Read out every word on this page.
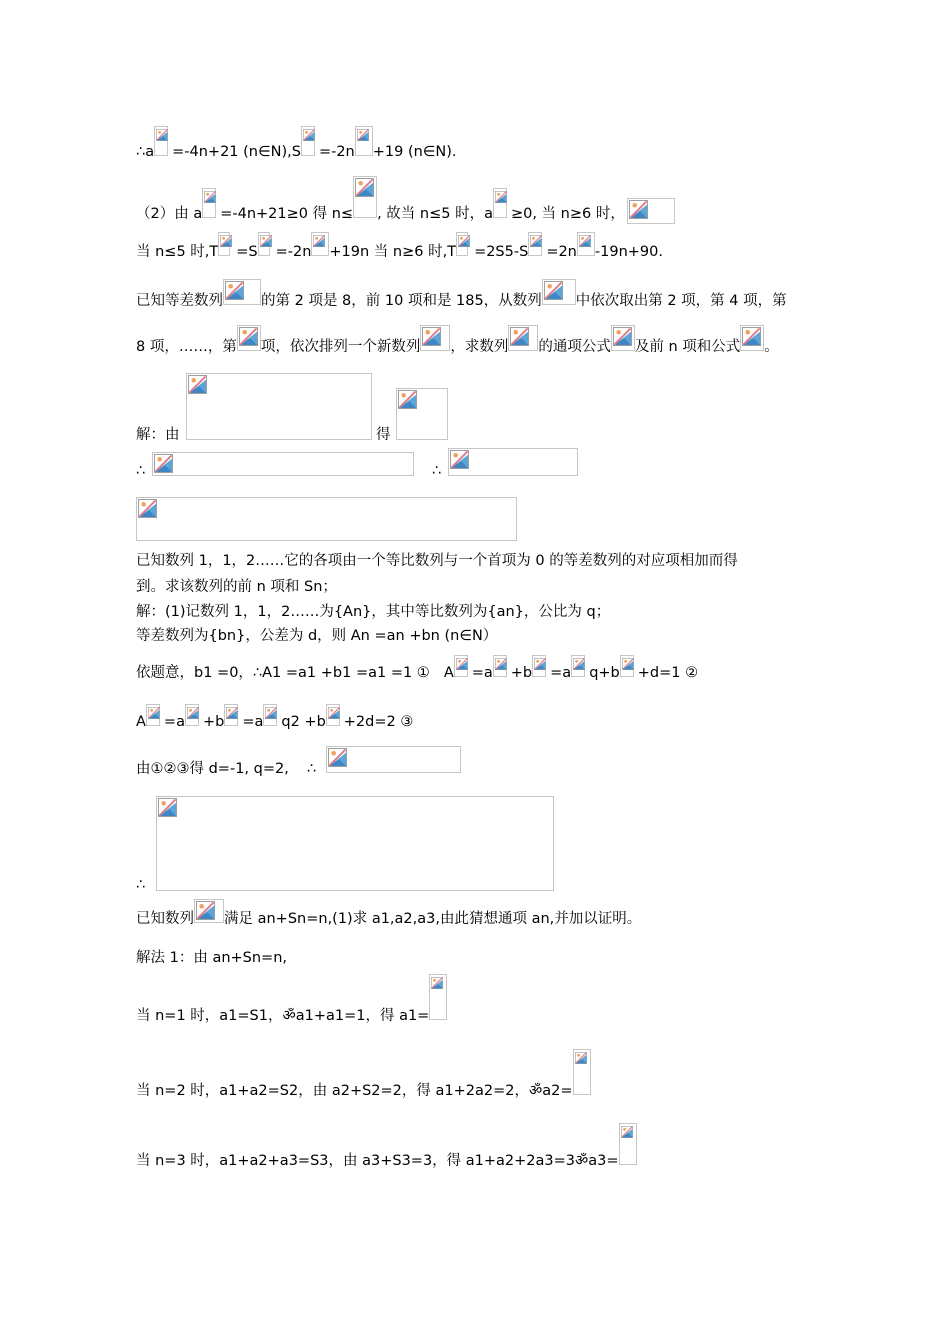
∴a =-4n+21 (n∈N),S =-2n +19 (n∈N).
（2）由 a =-4n+21≥0 得 n≤ , 故当 n≤5 时，a ≥0, 当 n≥6 时，
当 n≤5 时,T =S =-2n +19n 当 n≥6 时,T =2S5-S =2n -19n+90.
已知等差数列	的第 2 项是 8，前 10 项和是 185，从数列 中依次取出第 2 项，第 4 项，第
8 项，……，第 项，依次排列一个新数列 ，求数列 的通项公式 及前 n 项和公式 。
解：由	得
∴	∴
已知数列 1，1，2……它的各项由一个等比数列与一个首项为 0 的等差数列的对应项相加而得
到。求该数列的前 n 项和 Sn；
解：(1)记数列 1，1，2……为{An}，其中等比数列为{an}，公比为 q；
等差数列为{bn}，公差为 d，则 An =an +bn (n∈N）
依题意，b1 =0，∴A1 =a1 +b1 =a1 =1 ① A =a +b =a q+b +d=1 ②
A =a +b =a q2 +b +2d=2 ③
由①②③得 d=-1, q=2, ∴
∴
已知数列 满足 an+Sn=n,(1)求 a1,a2,a3,由此猜想通项 an,并加以证明。
解法 1：由 an+Sn=n,
当 n=1 时，a1=S1，ॐa1+a1=1，得 a1=
当 n=2 时，a1+a2=S2，由 a2+S2=2，得 a1+2a2=2，ॐa2=
当 n=3 时，a1+a2+a3=S3，由 a3+S3=3，得 a1+a2+2a3=3ॐa3=
